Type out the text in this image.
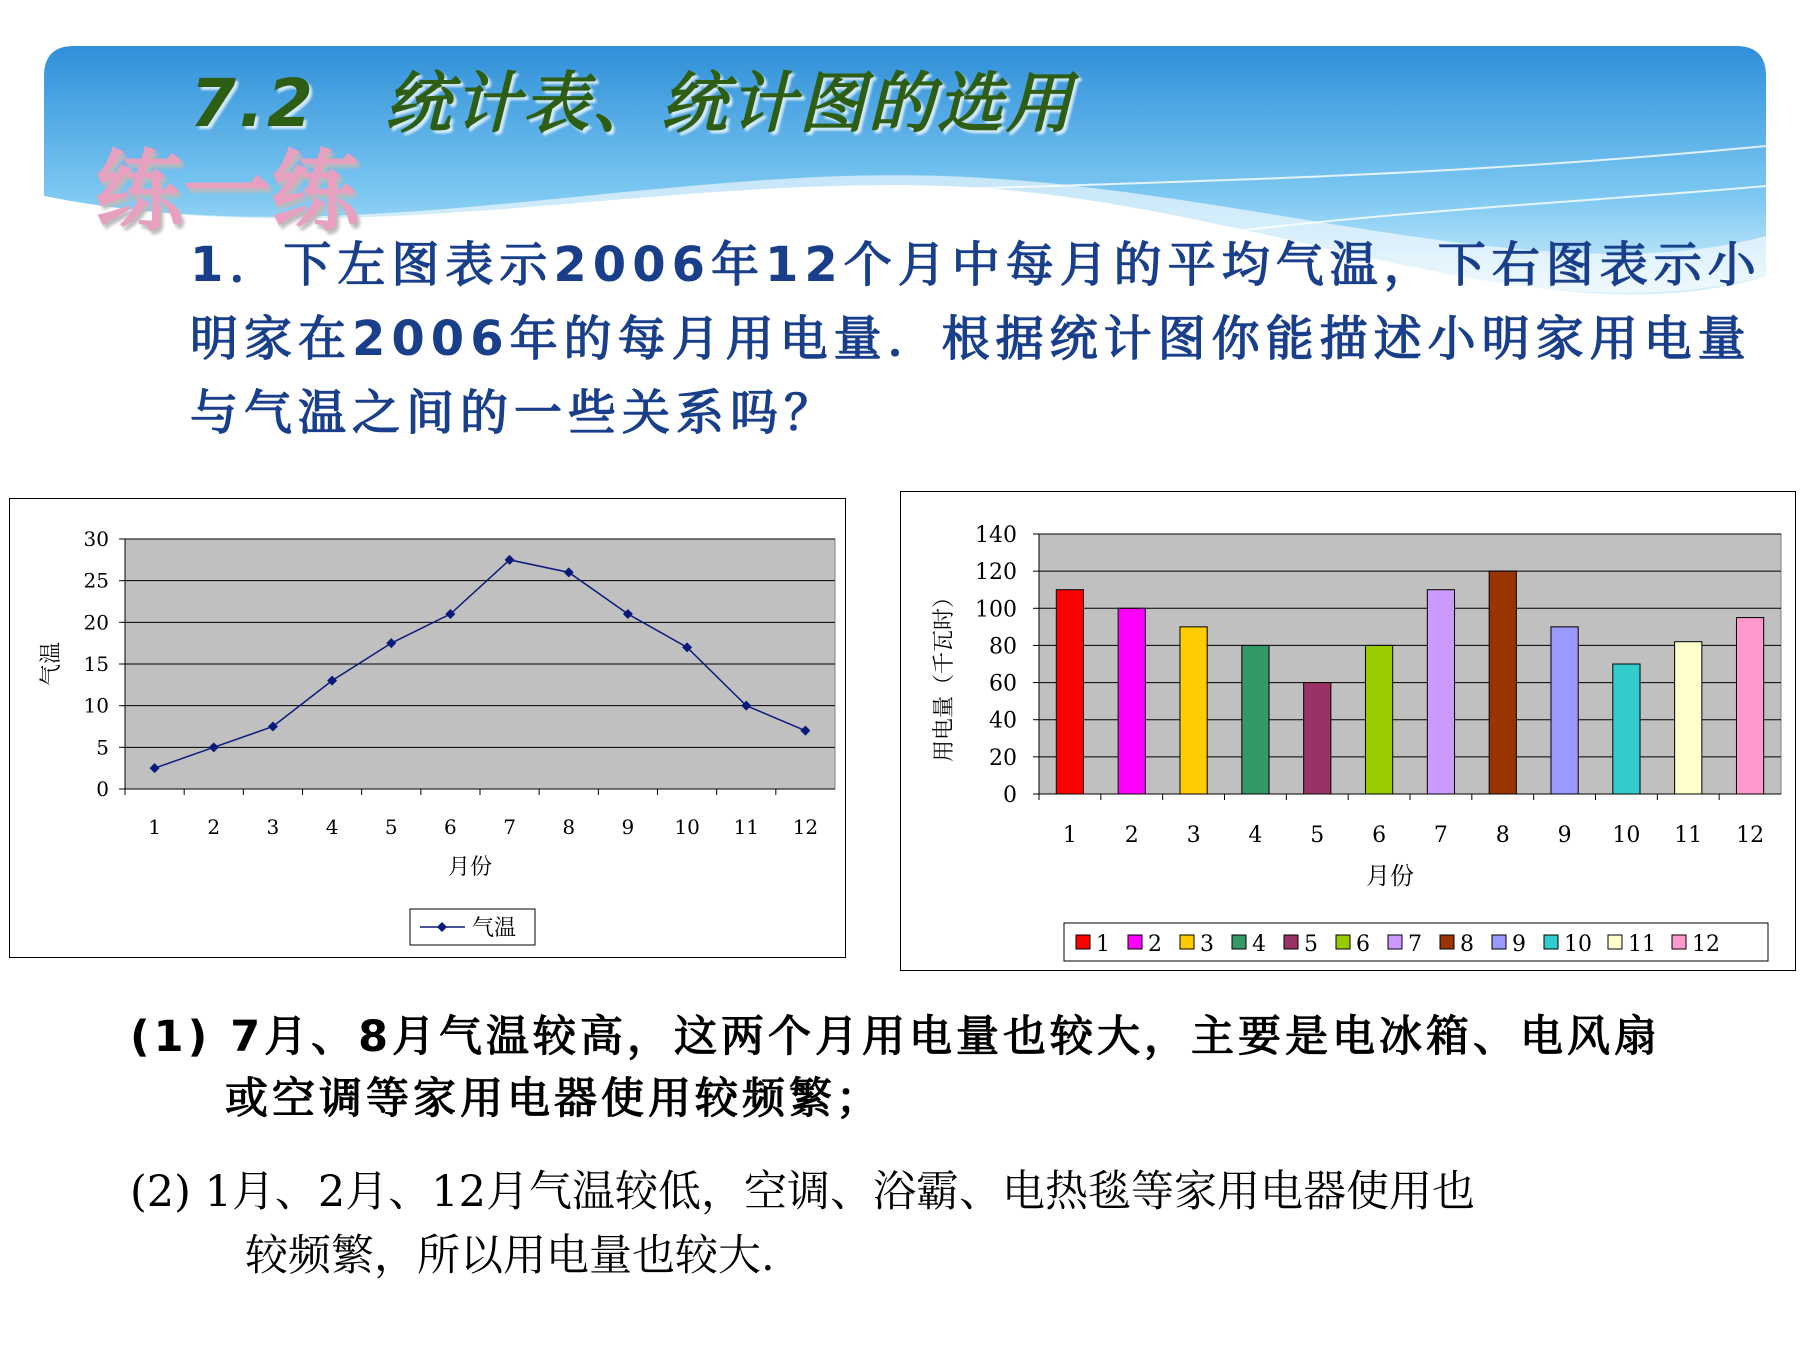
7.2　统计表、统计图的选用
练一练
1．下左图表示2006年12个月中每月的平均气温，下右图表示小明家在2006年的每月用电量．根据统计图你能描述小明家用电量与气温之间的一些关系吗？
0
5
10
15
20
25
30
1 2 3 4 5 6 7 8 9 10 11 12
月份
气温
气温
0
20
40
60
80
100
120
140
1 2 3 4 5 6 7 8 9 10 11 12
月份
用电量（千瓦时）
1 2 3 4 5 6 7 8 9 10 11 12
(1) 7月、8月气温较高，这两个月用电量也较大，主要是电冰箱、电风扇
或空调等家用电器使用较频繁；
(2) 1月、2月、12月气温较低，空调、浴霸、电热毯等家用电器使用也
较频繁，所以用电量也较大.
